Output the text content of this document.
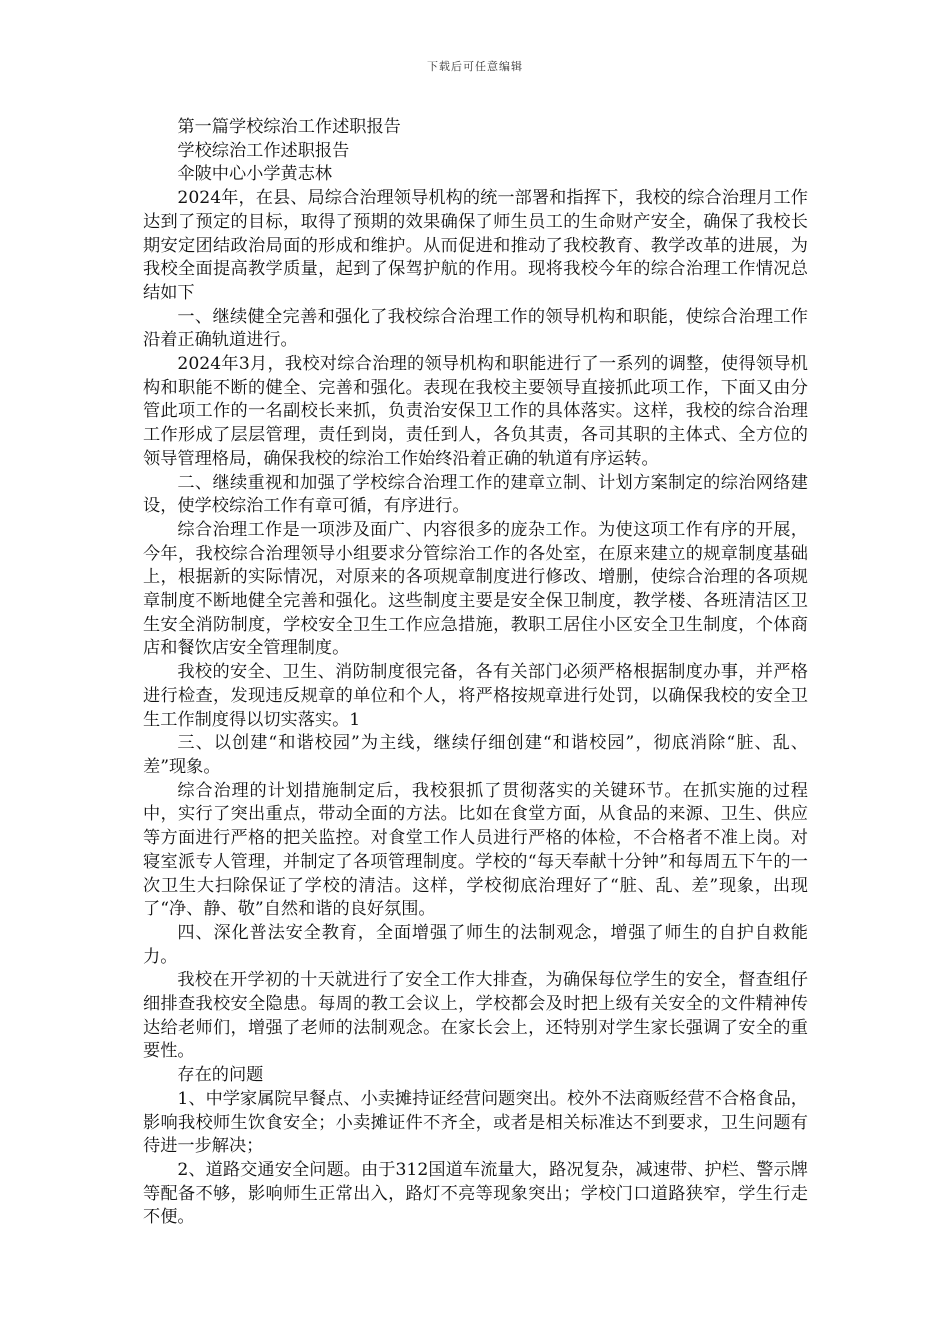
下载后可任意编辑

第一篇学校综治工作述职报告

学校综治工作述职报告

伞陂中心小学黄志林

2024年，在县、局综合治理领导机构的统一部署和指挥下，我校的综合治理月工作达到了预定的目标，取得了预期的效果确保了师生员工的生命财产安全，确保了我校长期安定团结政治局面的形成和维护。从而促进和推动了我校教育、教学改革的进展，为我校全面提高教学质量，起到了保驾护航的作用。现将我校今年的综合治理工作情况总结如下

一、继续健全完善和强化了我校综合治理工作的领导机构和职能，使综合治理工作沿着正确轨道进行。

2024年3月，我校对综合治理的领导机构和职能进行了一系列的调整，使得领导机构和职能不断的健全、完善和强化。表现在我校主要领导直接抓此项工作，下面又由分管此项工作的一名副校长来抓，负责治安保卫工作的具体落实。这样，我校的综合治理工作形成了层层管理，责任到岗，责任到人，各负其责，各司其职的主体式、全方位的领导管理格局，确保我校的综治工作始终沿着正确的轨道有序运转。

二、继续重视和加强了学校综合治理工作的建章立制、计划方案制定的综治网络建设，使学校综治工作有章可循，有序进行。

综合治理工作是一项涉及面广、内容很多的庞杂工作。为使这项工作有序的开展，今年，我校综合治理领导小组要求分管综治工作的各处室，在原来建立的规章制度基础上，根据新的实际情况，对原来的各项规章制度进行修改、增删，使综合治理的各项规章制度不断地健全完善和强化。这些制度主要是安全保卫制度，教学楼、各班清洁区卫生安全消防制度，学校安全卫生工作应急措施，教职工居住小区安全卫生制度，个体商店和餐饮店安全管理制度。

我校的安全、卫生、消防制度很完备，各有关部门必须严格根据制度办事，并严格进行检查，发现违反规章的单位和个人，将严格按规章进行处罚，以确保我校的安全卫生工作制度得以切实落实。1

三、以创建“和谐校园”为主线，继续仔细创建“和谐校园”，彻底消除“脏、乱、差”现象。

综合治理的计划措施制定后，我校狠抓了贯彻落实的关键环节。在抓实施的过程中，实行了突出重点，带动全面的方法。比如在食堂方面，从食品的来源、卫生、供应等方面进行严格的把关监控。对食堂工作人员进行严格的体检，不合格者不准上岗。对寝室派专人管理，并制定了各项管理制度。学校的“每天奉献十分钟”和每周五下午的一次卫生大扫除保证了学校的清洁。这样，学校彻底治理好了“脏、乱、差”现象，出现了“净、静、敬”自然和谐的良好氛围。

四、深化普法安全教育，全面增强了师生的法制观念，增强了师生的自护自救能力。

我校在开学初的十天就进行了安全工作大排查，为确保每位学生的安全，督查组仔细排查我校安全隐患。每周的教工会议上，学校都会及时把上级有关安全的文件精神传达给老师们，增强了老师的法制观念。在家长会上，还特别对学生家长强调了安全的重要性。

存在的问题

1、中学家属院早餐点、小卖摊持证经营问题突出。校外不法商贩经营不合格食品，影响我校师生饮食安全；小卖摊证件不齐全，或者是相关标准达不到要求，卫生问题有待进一步解决；

2、道路交通安全问题。由于312国道车流量大，路况复杂，减速带、护栏、警示牌等配备不够，影响师生正常出入，路灯不亮等现象突出；学校门口道路狭窄，学生行走不便。
